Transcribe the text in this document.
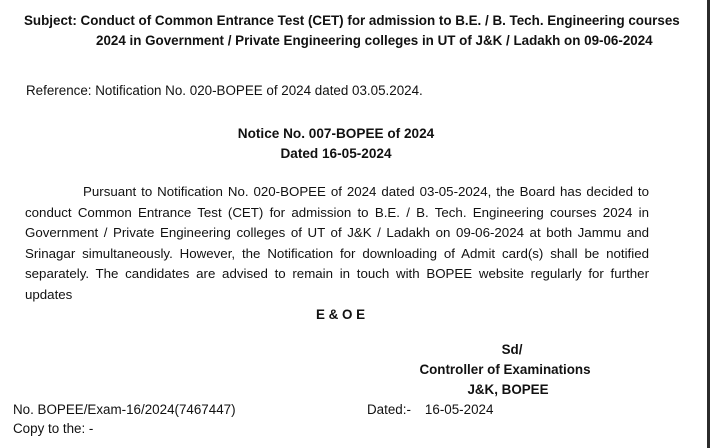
Subject: Conduct of Common Entrance Test (CET) for admission to B.E. / B. Tech. Engineering courses
2024 in Government / Private Engineering colleges in UT of J&K / Ladakh on 09-06-2024
Reference: Notification No. 020-BOPEE of 2024 dated 03.05.2024.
Notice No. 007-BOPEE of 2024
Dated 16-05-2024
Pursuant to Notification No. 020-BOPEE of 2024 dated 03-05-2024, the Board has decided to conduct Common Entrance Test (CET) for admission to B.E. / B. Tech. Engineering courses 2024 in Government / Private Engineering colleges of UT of J&K / Ladakh on 09-06-2024 at both Jammu and Srinagar simultaneously. However, the Notification for downloading of Admit card(s) shall be notified separately. The candidates are advised to remain in touch with BOPEE website regularly for further updates
E & O E
Sd/
Controller of Examinations
J&K, BOPEE
No. BOPEE/Exam-16/2024(7467447)	Dated:- 16-05-2024
Copy to the: -
